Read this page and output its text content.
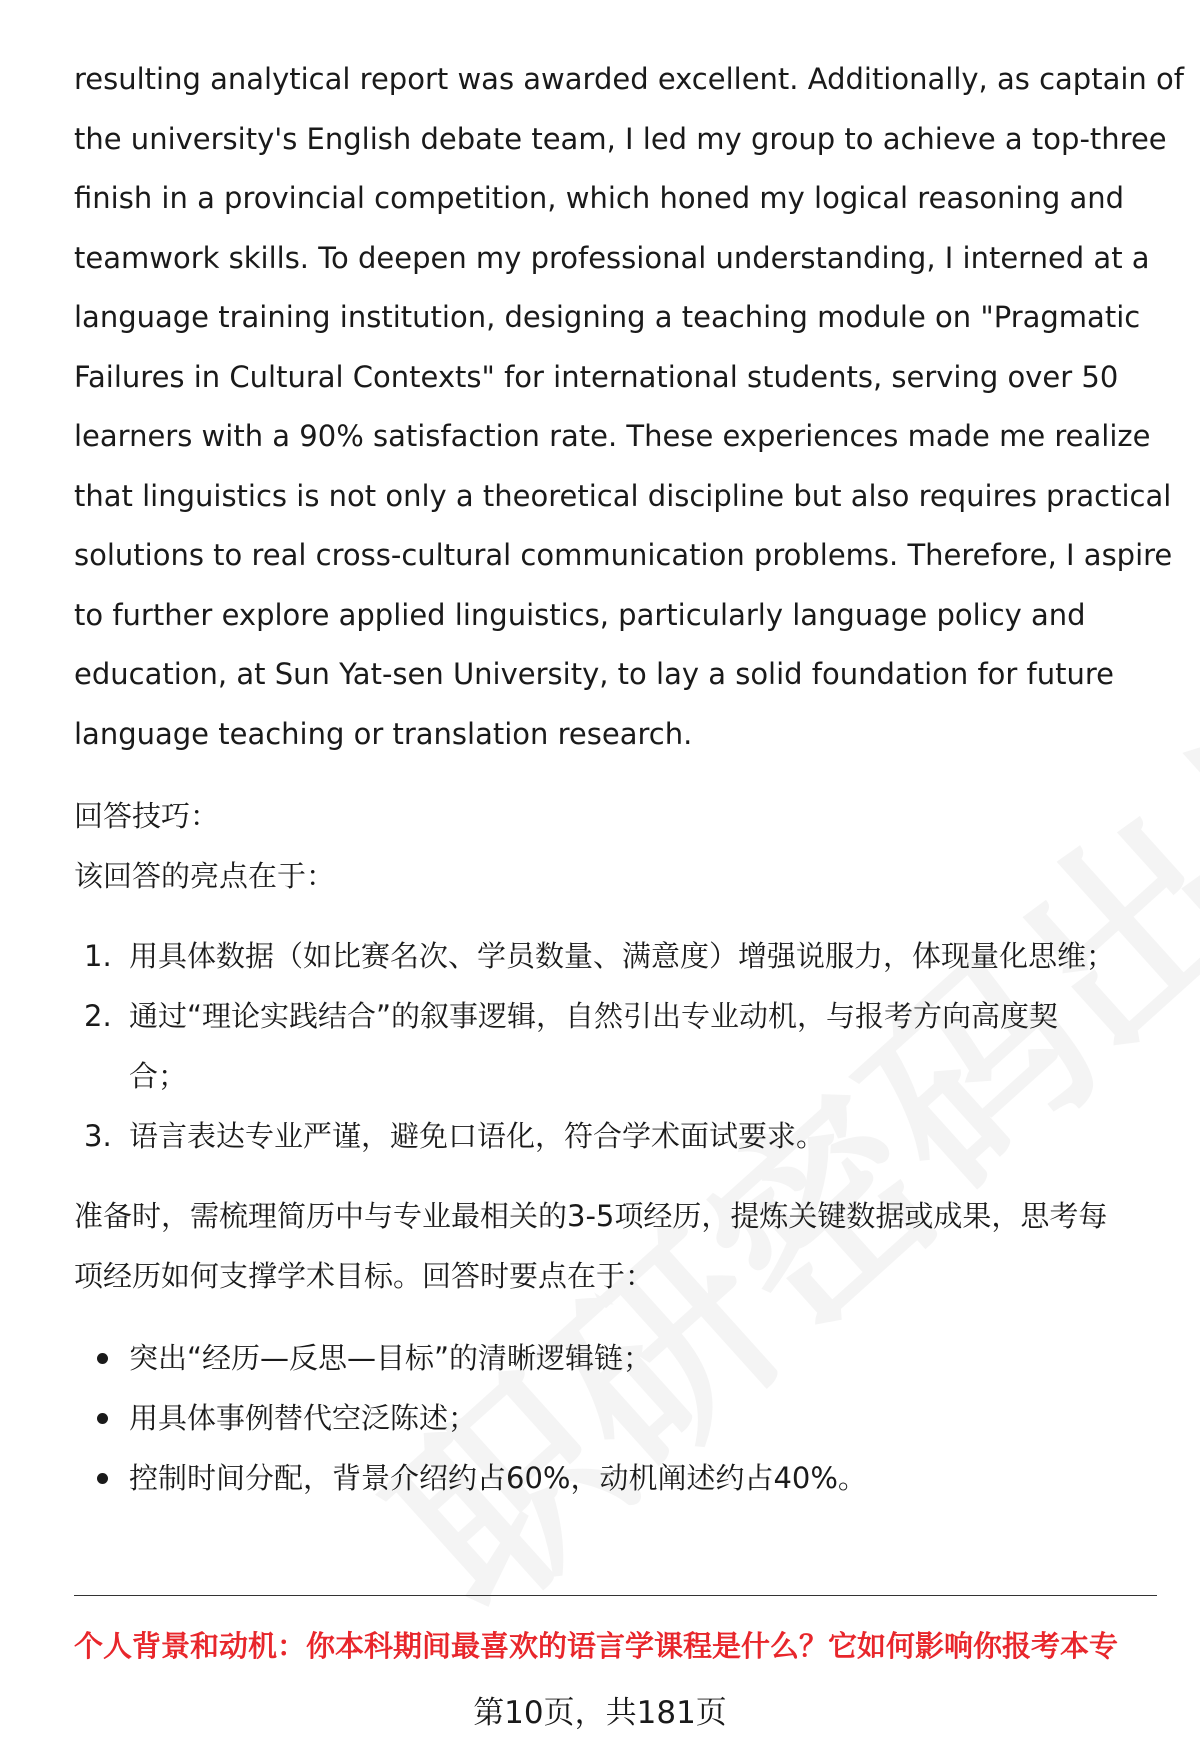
resulting analytical report was awarded excellent. Additionally, as captain of
the university's English debate team, I led my group to achieve a top-three
finish in a provincial competition, which honed my logical reasoning and
teamwork skills. To deepen my professional understanding, I interned at a
language training institution, designing a teaching module on "Pragmatic
Failures in Cultural Contexts" for international students, serving over 50
learners with a 90% satisfaction rate. These experiences made me realize
that linguistics is not only a theoretical discipline but also requires practical
solutions to real cross-cultural communication problems. Therefore, I aspire
to further explore applied linguistics, particularly language policy and
education, at Sun Yat-sen University, to lay a solid foundation for future
language teaching or translation research.

回答技巧：

该回答的亮点在于：

1. 用具体数据（如比赛名次、学员数量、满意度）增强说服力，体现量化思维；
2. 通过“理论实践结合”的叙事逻辑，自然引出专业动机，与报考方向高度契
合；
3. 语言表达专业严谨，避免口语化，符合学术面试要求。

准备时，需梳理简历中与专业最相关的3-5项经历，提炼关键数据或成果，思考每
项经历如何支撑学术目标。回答时要点在于：

突出“经历—反思—目标”的清晰逻辑链；
用具体事例替代空泛陈述；
控制时间分配，背景介绍约占60%，动机阐述约占40%。
个人背景和动机：你本科期间最喜欢的语言学课程是什么？它如何影响你报考本专
第10页，共181页
